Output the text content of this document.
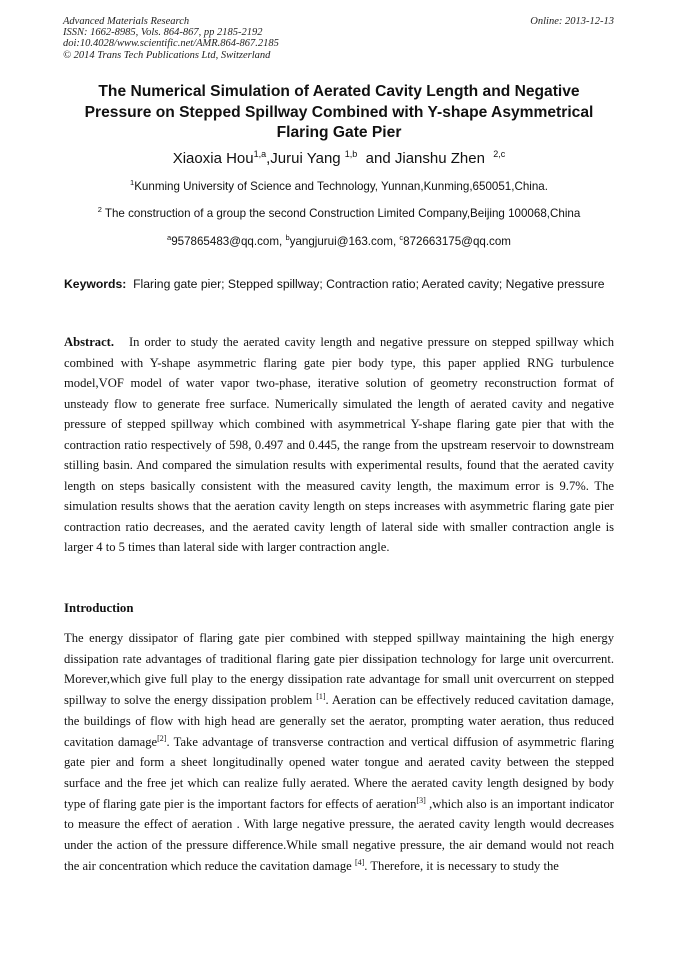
Advanced Materials Research
ISSN: 1662-8985, Vols. 864-867, pp 2185-2192
doi:10.4028/www.scientific.net/AMR.864-867.2185
© 2014 Trans Tech Publications Ltd, Switzerland
Online: 2013-12-13
The Numerical Simulation of Aerated Cavity Length and Negative Pressure on Stepped Spillway Combined with Y-shape Asymmetrical Flaring Gate Pier
Xiaoxia Hou$^{1,a}$,Jurui Yang $^{1,b}$ and Jianshu Zhen $^{2,c}$
$^1$Kunming University of Science and Technology, Yunnan,Kunming,650051,China.
$^2$ The construction of a group the second Construction Limited Company,Beijing 100068,China
$^a$957865483@qq.com, $^b$yangjurui@163.com, $^c$872663175@qq.com
Keywords: Flaring gate pier; Stepped spillway; Contraction ratio; Aerated cavity; Negative pressure
Abstract. In order to study the aerated cavity length and negative pressure on stepped spillway which combined with Y-shape asymmetric flaring gate pier body type, this paper applied RNG turbulence model,VOF model of water vapor two-phase, iterative solution of geometry reconstruction format of unsteady flow to generate free surface. Numerically simulated the length of aerated cavity and negative pressure of stepped spillway which combined with asymmetrical Y-shape flaring gate pier that with the contraction ratio respectively of 598, 0.497 and 0.445, the range from the upstream reservoir to downstream stilling basin. And compared the simulation results with experimental results, found that the aerated cavity length on steps basically consistent with the measured cavity length, the maximum error is 9.7%. The simulation results shows that the aeration cavity length on steps increases with asymmetric flaring gate pier contraction ratio decreases, and the aerated cavity length of lateral side with smaller contraction angle is larger 4 to 5 times than lateral side with larger contraction angle.
Introduction
The energy dissipator of flaring gate pier combined with stepped spillway maintaining the high energy dissipation rate advantages of traditional flaring gate pier dissipation technology for large unit overcurrent. Morever,which give full play to the energy dissipation rate advantage for small unit overcurrent on stepped spillway to solve the energy dissipation problem [1]. Aeration can be effectively reduced cavitation damage, the buildings of flow with high head are generally set the aerator, prompting water aeration, thus reduced cavitation damage[2]. Take advantage of transverse contraction and vertical diffusion of asymmetric flaring gate pier and form a sheet longitudinally opened water tongue and aerated cavity between the stepped surface and the free jet which can realize fully aerated. Where the aerated cavity length designed by body type of flaring gate pier is the important factors for effects of aeration[3] ,which also is an important indicator to measure the effect of aeration . With large negative pressure, the aerated cavity length would decreases under the action of the pressure difference.While small negative pressure, the air demand would not reach the air concentration which reduce the cavitation damage [4]. Therefore, it is necessary to study the
